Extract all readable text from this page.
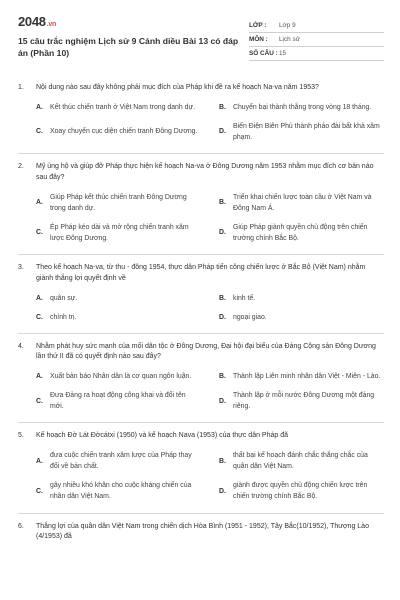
2048.vn
15 câu trắc nghiệm Lịch sử 9 Cánh diều Bài 13 có đáp án (Phần 10)
LỚP :	Lớp 9
MÔN :	Lịch sử
SỐ CÂU : 15
1.	Nội dung nào sau đây không phải mục đích của Pháp khi đề ra kế hoạch Na-va năm 1953?
A.	Kết thúc chiến tranh ở Việt Nam trong danh dự.	B.	Chuyển bại thành thắng trong vòng 18 tháng.
C.	Xoay chuyển cục diện chiến tranh Đông Dương.	D.
Biến Điện Biên Phủ thành pháo đài bất khả xâm phạm.
2.	Mỹ ủng hộ và giúp đỡ Pháp thực hiện kế hoạch Na-va ở Đông Dương năm 1953 nhằm mục đích cơ bản nào sau đây?
A.
Giúp Pháp kết thúc chiến tranh Đông Dương trong danh dự.
B.
Triển khai chiến lược toàn cầu ở Việt Nam và Đông Nam Á.
C.
Ép Pháp kéo dài và mở rộng chiến tranh xâm lược Đông Dương.
D.
Giúp Pháp giành quyền chủ động trên chiến trường chính Bắc Bộ.
3.	Theo kế hoạch Na-va, từ thu - đông 1954, thực dân Pháp tiến công chiến lược ở Bắc Bộ (Việt Nam) nhằm giành thắng lợi quyết định về
A.	quân sự.	B.	kinh tế.
C.	chính trị.	D.	ngoại giao.
4.	Nhằm phát huy sức mạnh của mối dân tộc ở Đông Dương, Đại hội đại biểu của Đảng Cộng sản Đông Dương lần thứ II đã có quyết định nào sau đây?
A.	Xuất bản báo Nhân dân là cơ quan ngôn luận.	B.	Thành lập Liên minh nhân dân Việt - Miên - Lào.
C.
Đưa Đảng ra hoạt động công khai và đổi tên mới.
D.
Thành lập ở mỗi nước Đông Dương một đảng riêng.
5.	Kế hoạch Đờ Lát Đờcátxi (1950) và kế hoạch Nava (1953) của thực dân Pháp đã
A.
đưa cuộc chiến tranh xâm lược của Pháp thay đổi về bản chất.
B.
thất bại kế hoạch đánh chắc thắng chắc của quân dân Việt Nam.
C.
gây nhiều khó khăn cho cuộc kháng chiến của nhân dân Việt Nam.
D.
giành được quyền chủ động chiến lược trên chiến trường chính Bắc Bộ.
6.	Thắng lợi của quân dân Việt Nam trong chiến dịch Hòa Bình (1951 - 1952), Tây Bắc(10/1952), Thượng Lào (4/1953) đã
